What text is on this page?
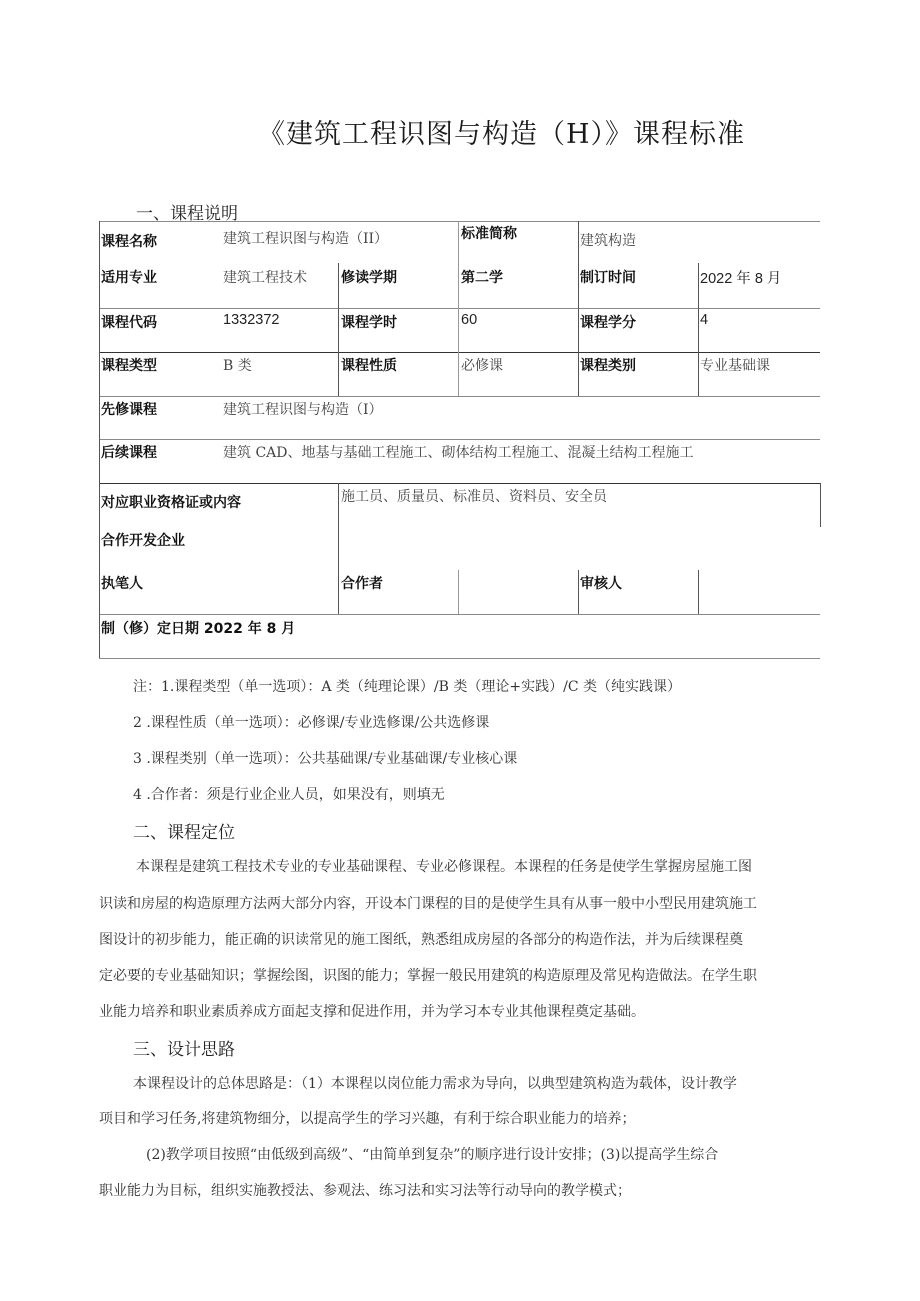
《建筑工程识图与构造（H）》课程标准
一、课程说明
课程名称	建筑工程识图与构造（II）	标准简称	建筑构造
适用专业	建筑工程技术 修读学期	第二学	制订时间	2022 年 8 月
课程代码	1332372	课程学时	60	课程学分	4
课程类型	B 类	课程性质	必修课	课程类别	专业基础课
先修课程	建筑工程识图与构造（I）
后续课程	建筑 CAD、地基与基础工程施工、砌体结构工程施工、混凝土结构工程施工
对应职业资格证或内容	施工员、质量员、标准员、资料员、安全员
合作开发企业
执笔人	合作者	审核人
制（修）定日期 2022 年 8 月
注：1.课程类型（单一选项）：A 类（纯理论课）/B 类（理论+实践）/C 类（纯实践课）
2 .课程性质（单一选项）：必修课/专业选修课/公共选修课
3 .课程类别（单一选项）：公共基础课/专业基础课/专业核心课
4 .合作者：须是行业企业人员，如果没有，则填无
二、课程定位
本课程是建筑工程技术专业的专业基础课程、专业必修课程。本课程的任务是使学生掌握房屋施工图
识读和房屋的构造原理方法两大部分内容，开设本门课程的目的是使学生具有从事一般中小型民用建筑施工
图设计的初步能力，能正确的识读常见的施工图纸，熟悉组成房屋的各部分的构造作法，并为后续课程奠
定必要的专业基础知识；掌握绘图，识图的能力；掌握一般民用建筑的构造原理及常见构造做法。在学生职
业能力培养和职业素质养成方面起支撑和促进作用，并为学习本专业其他课程奠定基础。
三、设计思路
本课程设计的总体思路是：（1）本课程以岗位能力需求为导向，以典型建筑构造为载体，设计教学
项目和学习任务,将建筑物细分，以提高学生的学习兴趣，有利于综合职业能力的培养；
(2)教学项目按照“由低级到高级”、“由简单到复杂”的顺序进行设计安排；(3)以提高学生综合
职业能力为目标，组织实施教授法、参观法、练习法和实习法等行动导向的教学模式；
